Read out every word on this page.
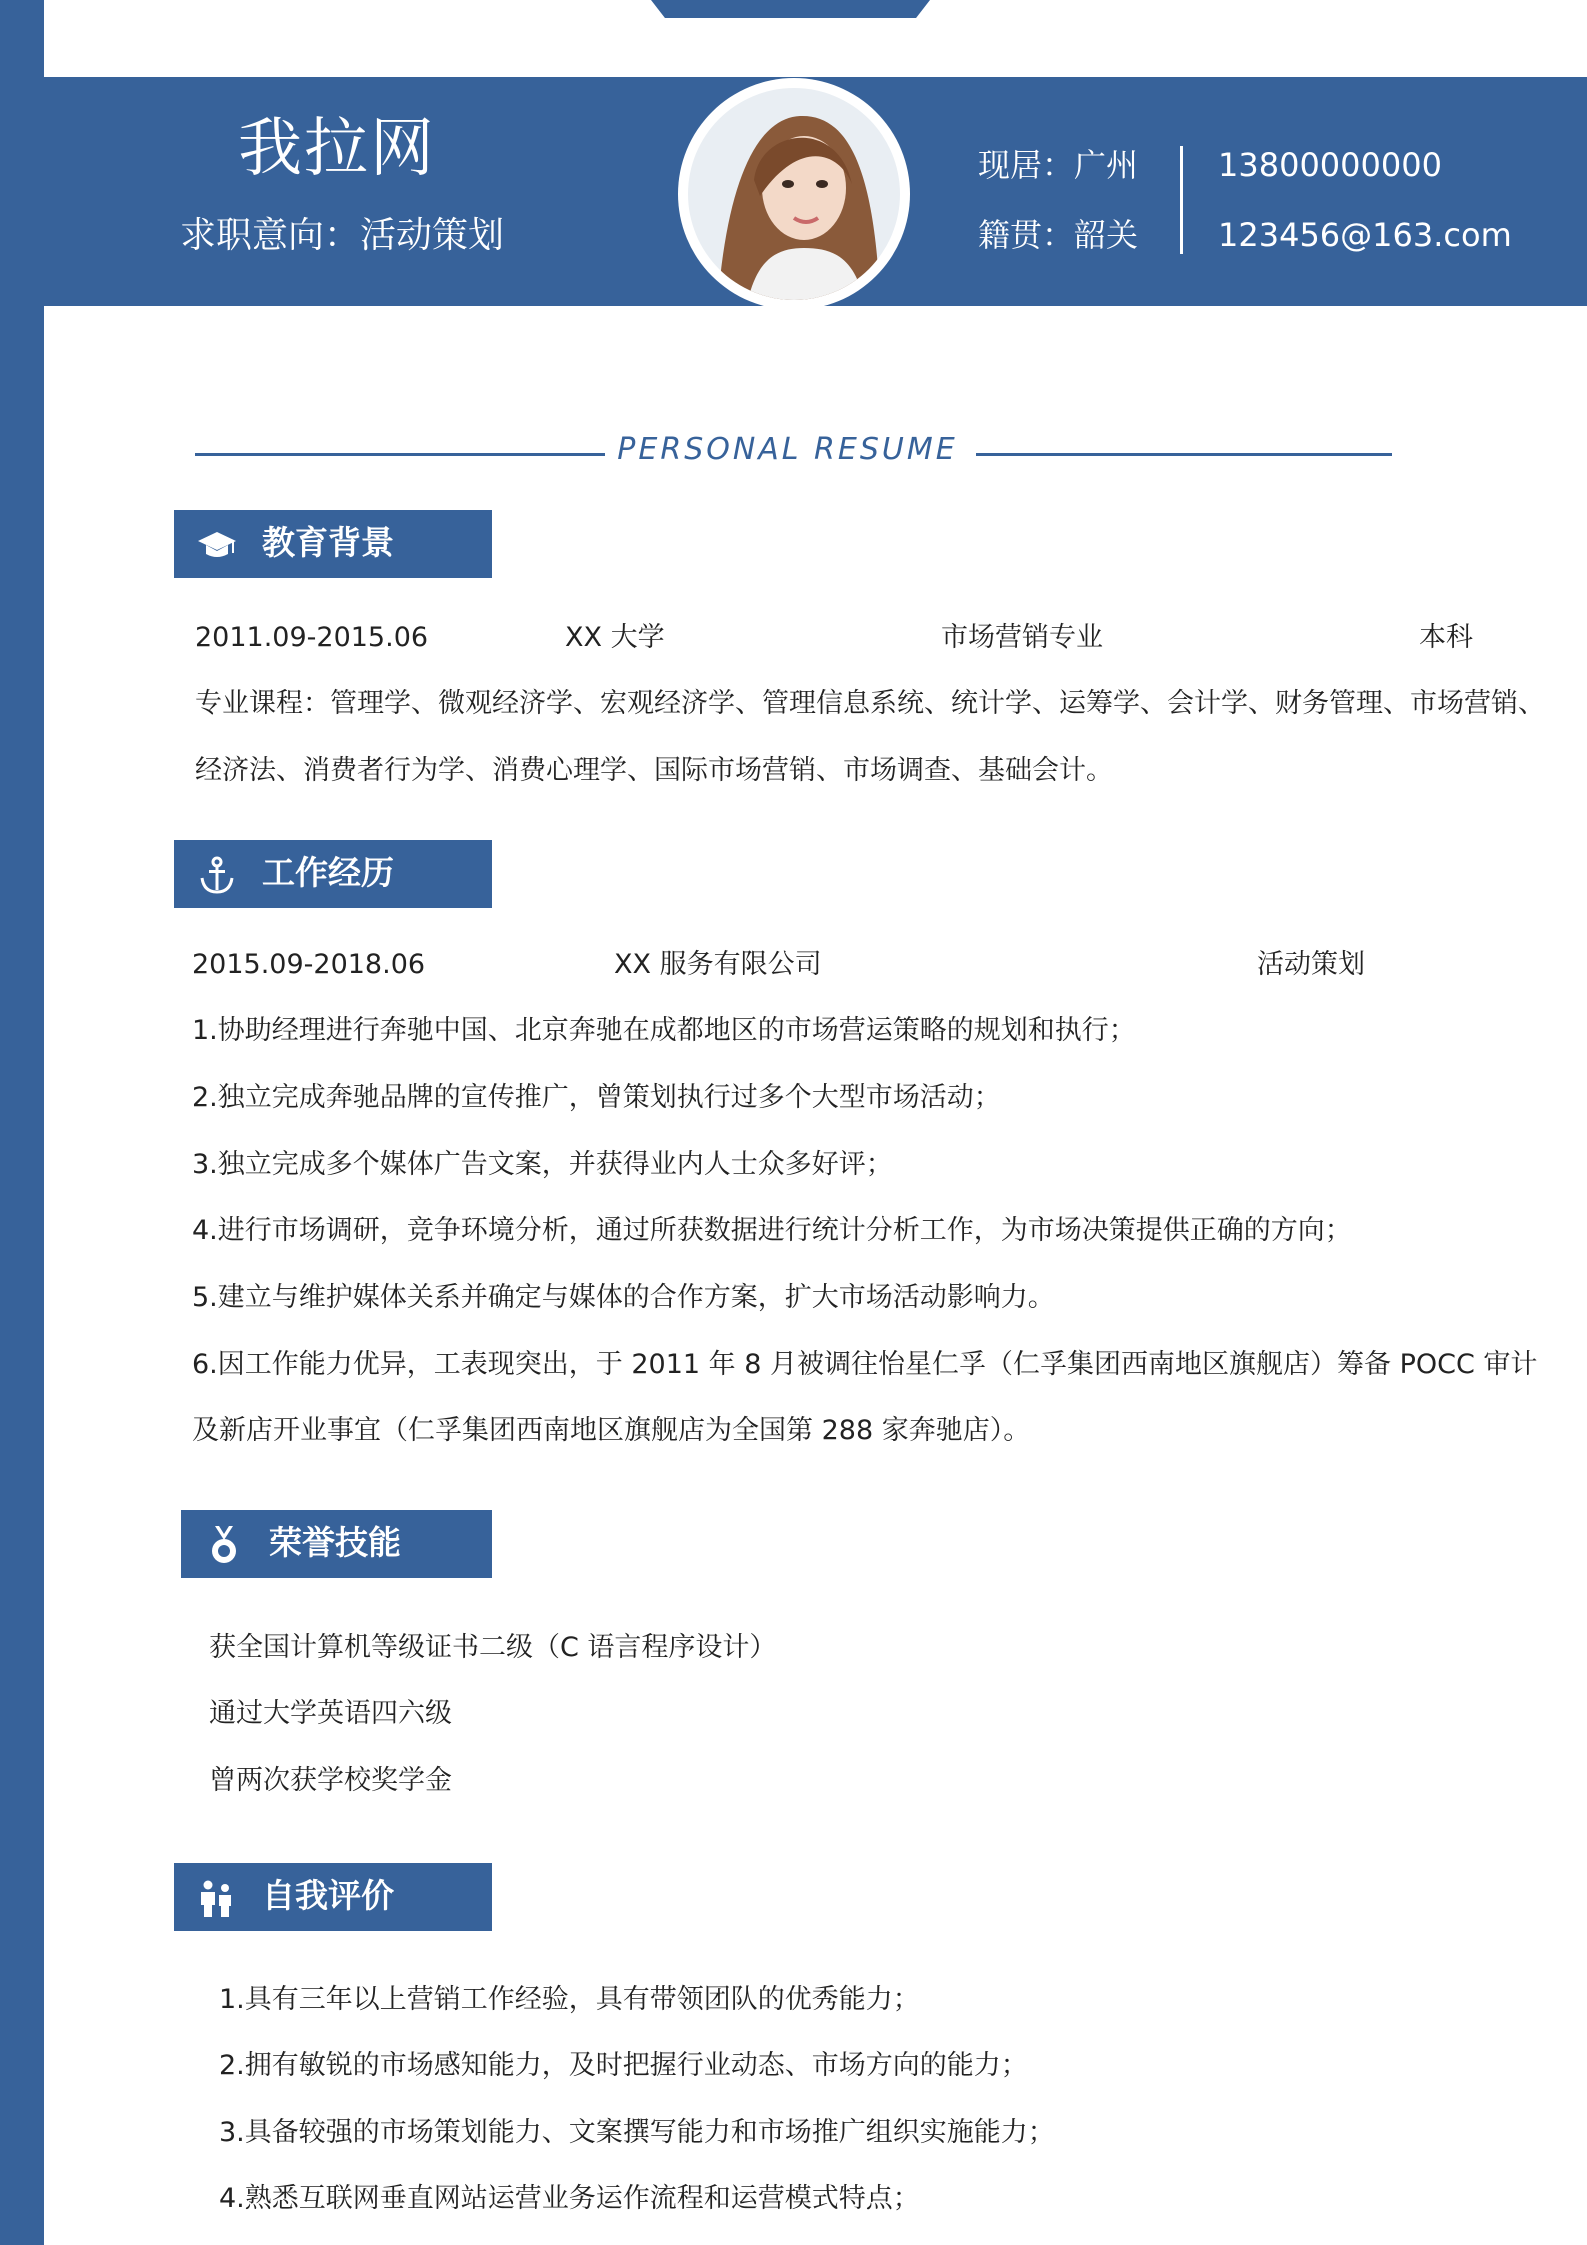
我拉网
求职意向：活动策划
现居：广州
籍贯：韶关
13800000000
123456@163.com
PERSONAL RESUME
教育背景
2011.09-2015.06	XX 大学	市场营销专业	本科
专业课程：管理学、微观经济学、宏观经济学、管理信息系统、统计学、运筹学、会计学、财务管理、市场营销、
经济法、消费者行为学、消费心理学、国际市场营销、市场调查、基础会计。
工作经历
2015.09-2018.06	XX 服务有限公司	活动策划
1.协助经理进行奔驰中国、北京奔驰在成都地区的市场营运策略的规划和执行；
2.独立完成奔驰品牌的宣传推广，曾策划执行过多个大型市场活动；
3.独立完成多个媒体广告文案，并获得业内人士众多好评；
4.进行市场调研，竞争环境分析，通过所获数据进行统计分析工作，为市场决策提供正确的方向；
5.建立与维护媒体关系并确定与媒体的合作方案，扩大市场活动影响力。
6.因工作能力优异，工表现突出，于 2011 年 8 月被调往怡星仁孚（仁孚集团西南地区旗舰店）筹备 POCC 审计
及新店开业事宜（仁孚集团西南地区旗舰店为全国第 288 家奔驰店）。
荣誉技能
获全国计算机等级证书二级（C 语言程序设计）
通过大学英语四六级
曾两次获学校奖学金
自我评价
1.具有三年以上营销工作经验，具有带领团队的优秀能力；
2.拥有敏锐的市场感知能力，及时把握行业动态、市场方向的能力；
3.具备较强的市场策划能力、文案撰写能力和市场推广组织实施能力；
4.熟悉互联网垂直网站运营业务运作流程和运营模式特点；
